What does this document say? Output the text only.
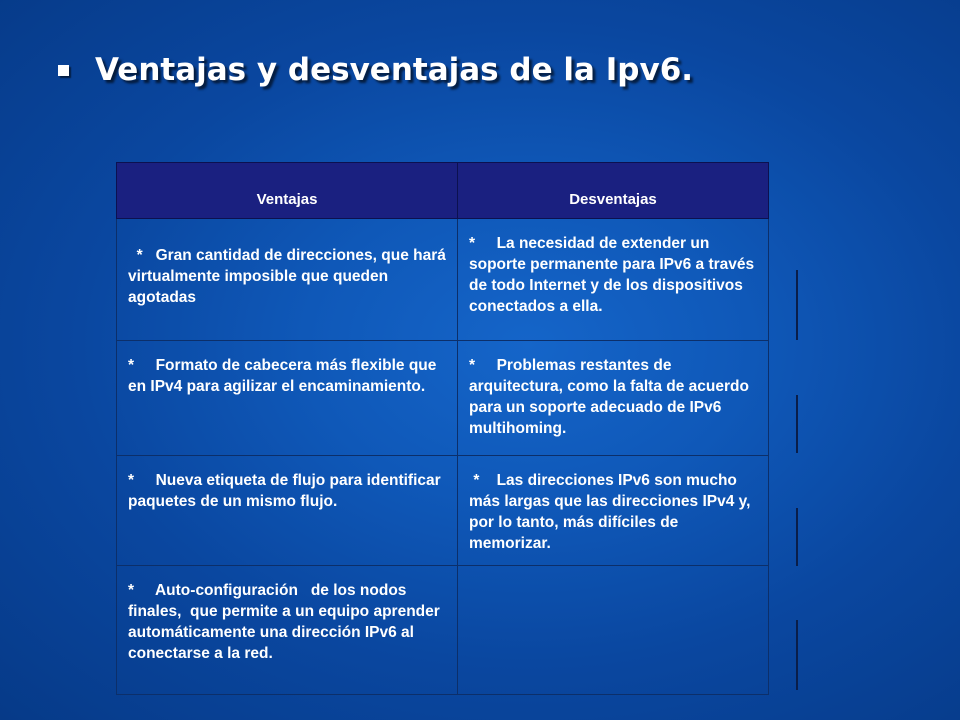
Ventajas y desventajas de la Ipv6.
Ventajas	Desventajas
*   Gran cantidad de direcciones, que hará virtualmente imposible que queden agotadas	*     La necesidad de extender un soporte permanente para IPv6 a través de todo Internet y de los dispositivos conectados a ella.
*     Formato de cabecera más flexible que en IPv4 para agilizar el encaminamiento.	*     Problemas restantes de arquitectura, como la falta de acuerdo para un soporte adecuado de IPv6 multihoming.
*     Nueva etiqueta de flujo para identificar paquetes de un mismo flujo.	*    Las direcciones IPv6 son mucho más largas que las direcciones IPv4 y, por lo tanto, más difíciles de memorizar.
*     Auto-configuración   de los nodos finales,  que permite a un equipo aprender automáticamente una dirección IPv6 al conectarse a la red.	
